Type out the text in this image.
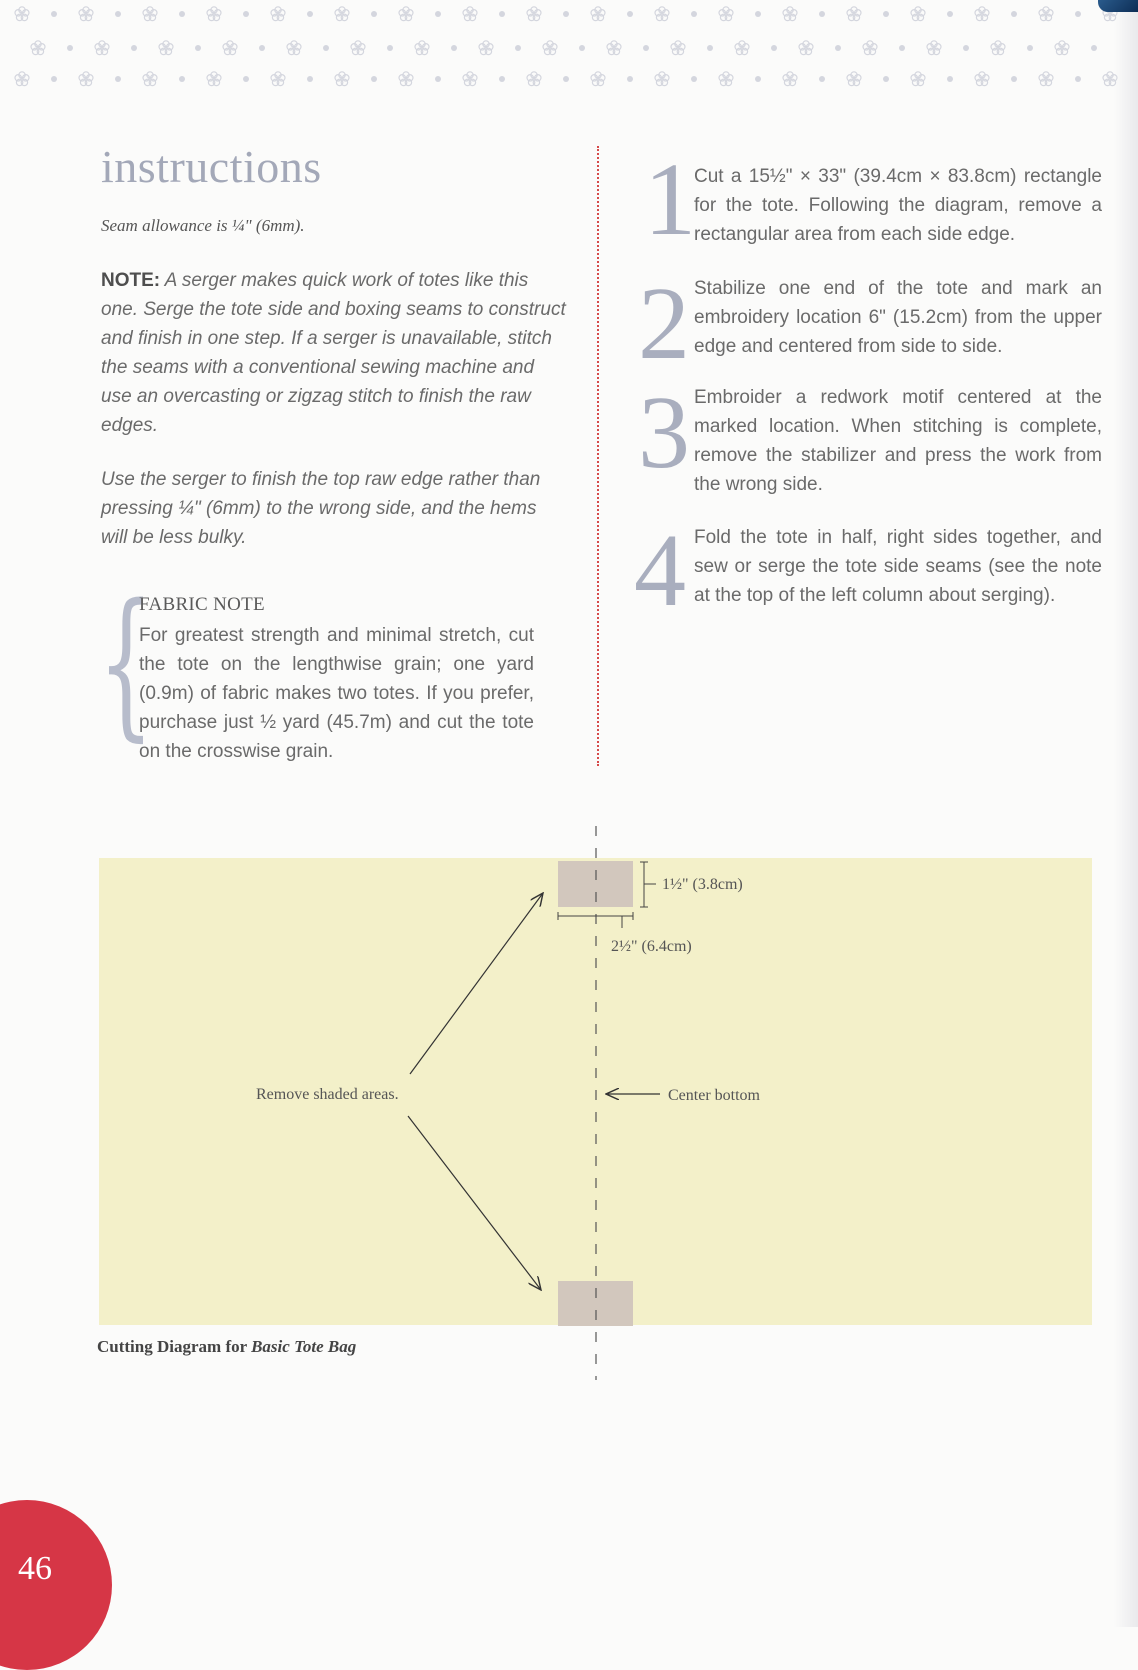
instructions

Seam allowance is ¼" (6mm).

NOTE: A serger makes quick work of totes like this one. Serge the tote side and boxing seams to construct and finish in one step. If a serger is unavailable, stitch the seams with a conventional sewing machine and use an overcasting or zigzag stitch to finish the raw edges.

Use the serger to finish the top raw edge rather than pressing ¼" (6mm) to the wrong side, and the hems will be less bulky.

{

FABRIC NOTE

For greatest strength and minimal stretch, cut the tote on the lengthwise grain; one yard (0.9m) of fabric makes two totes. If you prefer, purchase just ½ yard (45.7m) and cut the tote on the crosswise grain.

1

Cut a 15½" × 33" (39.4cm × 83.8cm) rectangle for the tote. Following the diagram, remove a rectangular area from each side edge.

2 Stabilize one end of the tote and mark an embroidery location 6" (15.2cm) from the upper edge and centered from side to side.

3 Embroider a redwork motif centered at the marked location. When stitching is complete, remove the stabilizer and press the work from the wrong side.

4 Fold the tote in half, right sides together, and sew or serge the tote side seams (see the note at the top of the left column about serging).

1½" (3.8cm)
2½" (6.4cm)
Remove shaded areas.	Center bottom

Cutting Diagram for Basic Tote Bag

46
